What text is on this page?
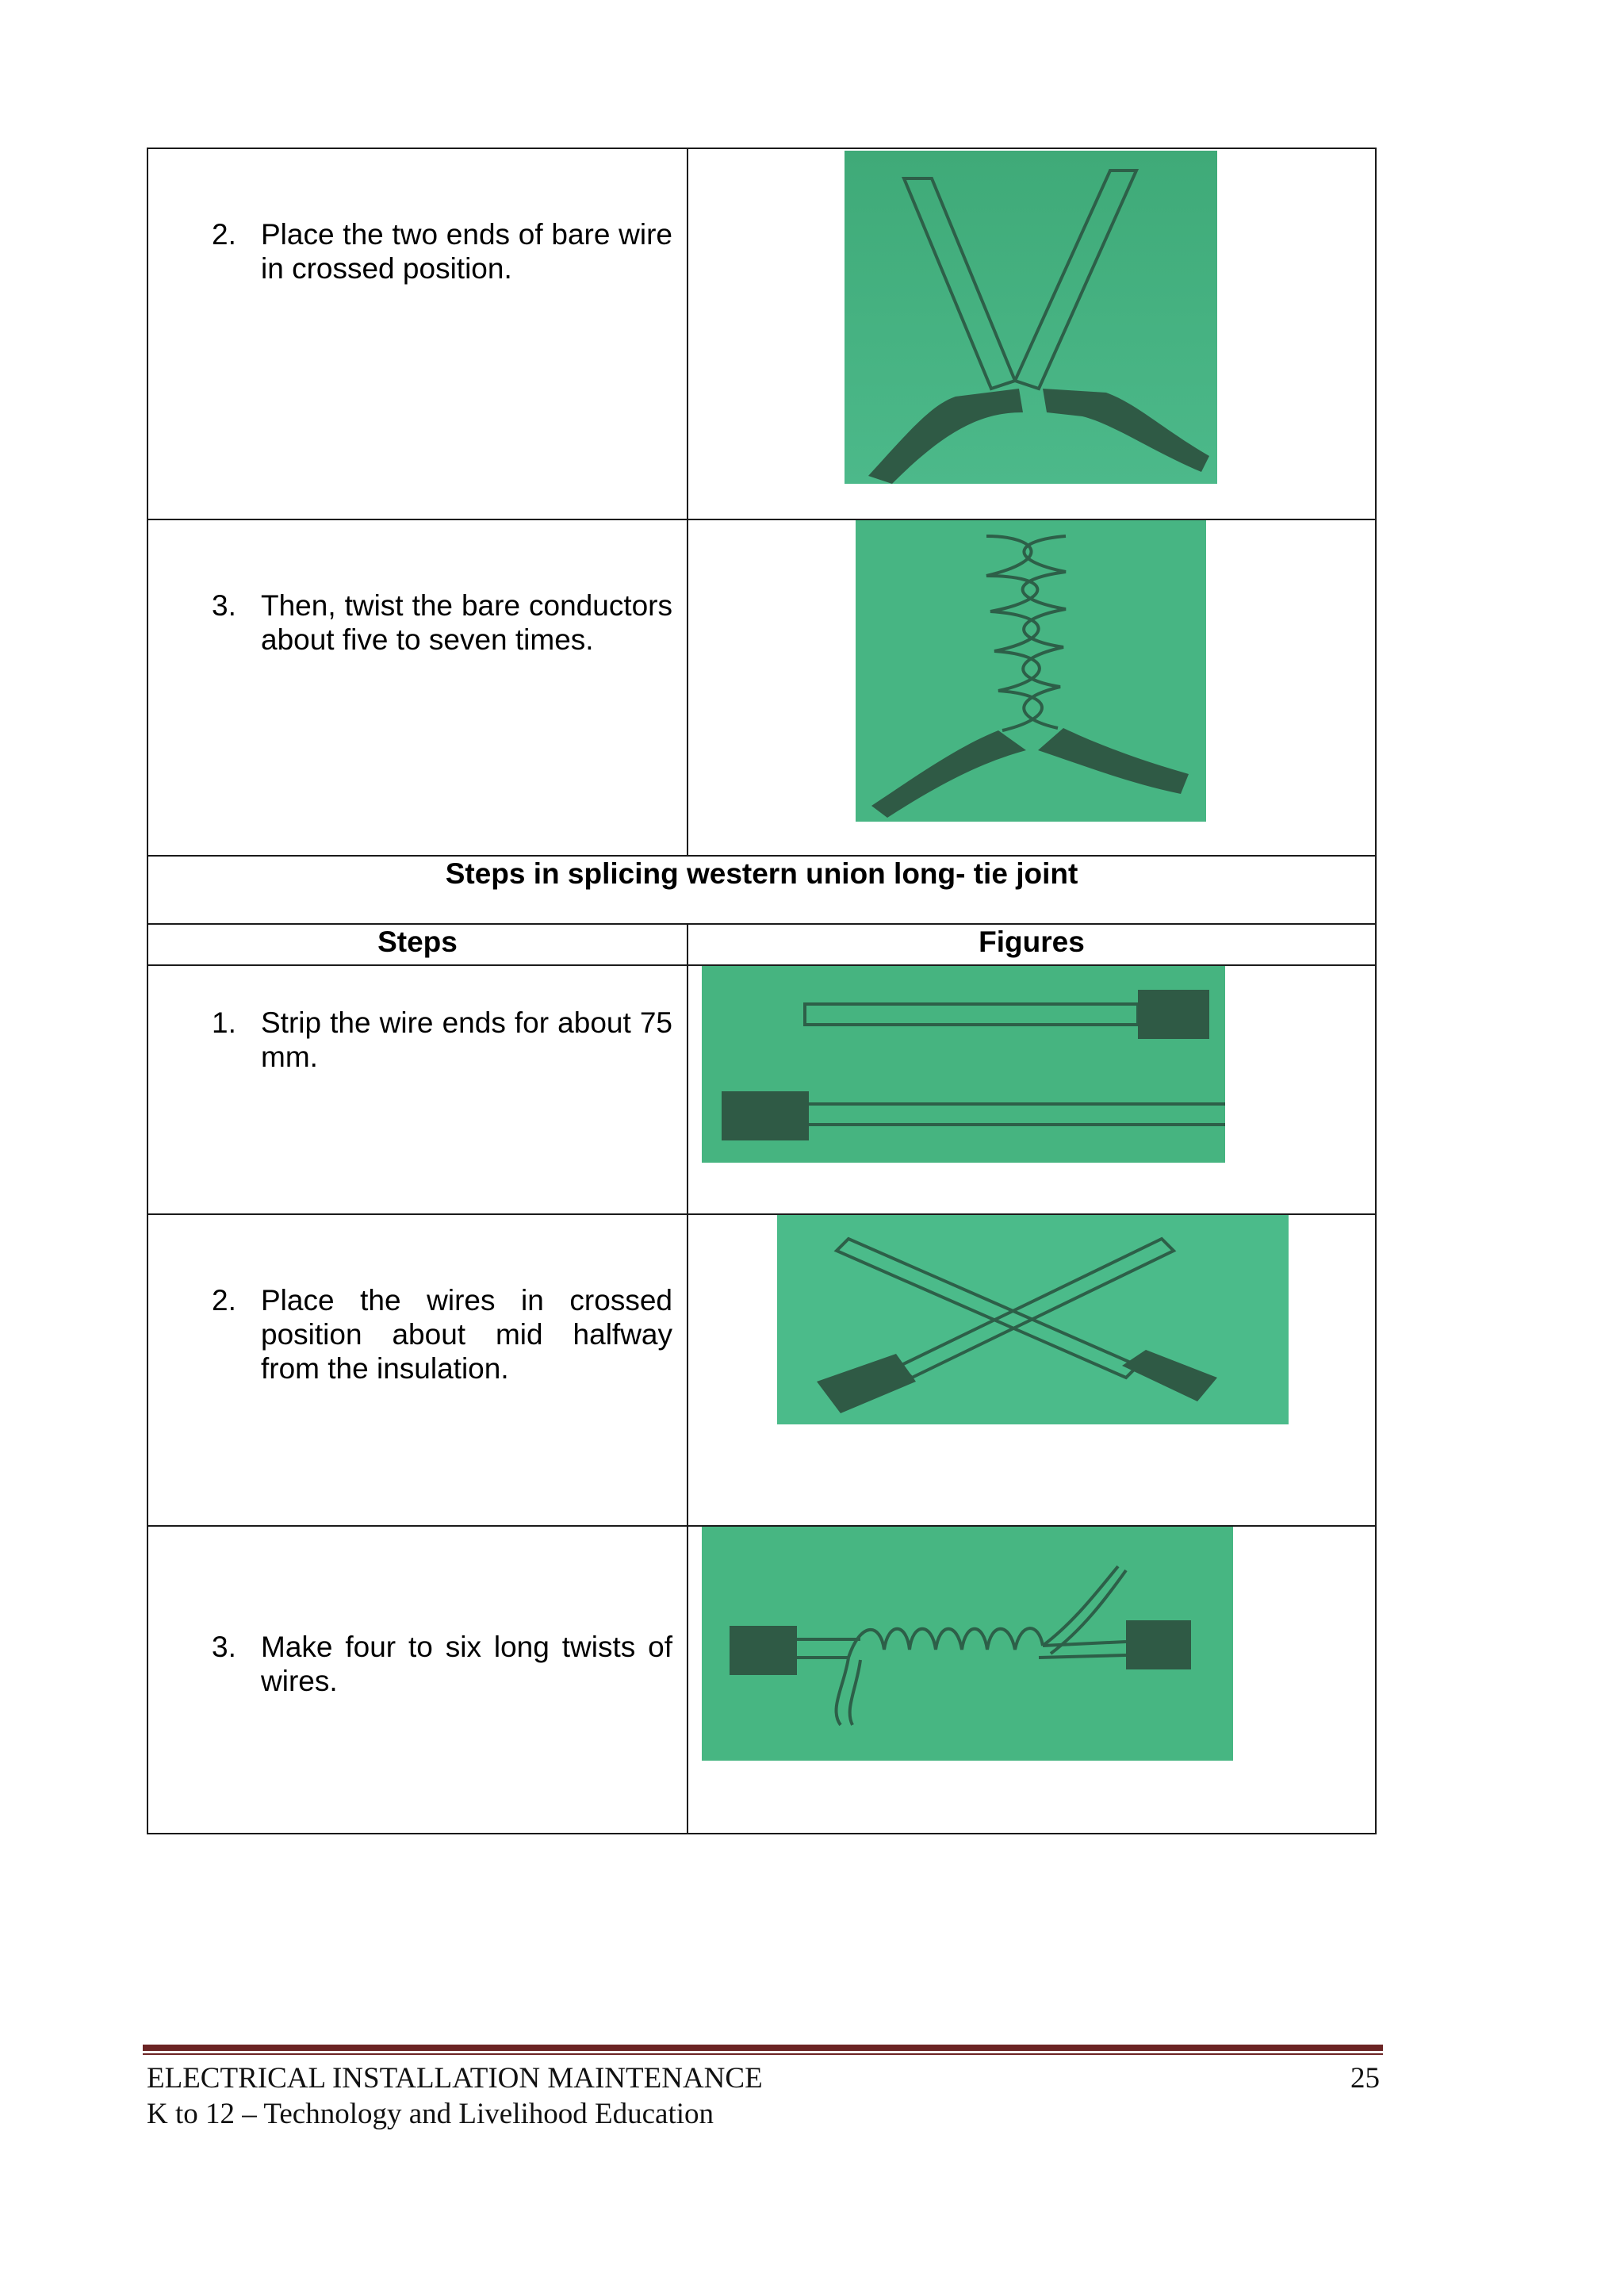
2. Place the two ends of bare wire in crossed position.

3. Then, twist the bare conductors about five to seven times.

Steps in splicing western union long- tie joint	

Steps	Figures

1. Strip the wire ends for about 75 mm.

2. Place the wires in crossed position about mid halfway from the insulation.

3. Make four to six long twists of wires.

ELECTRICAL INSTALLATION MAINTENANCE
K to 12 – Technology and Livelihood Education
25
